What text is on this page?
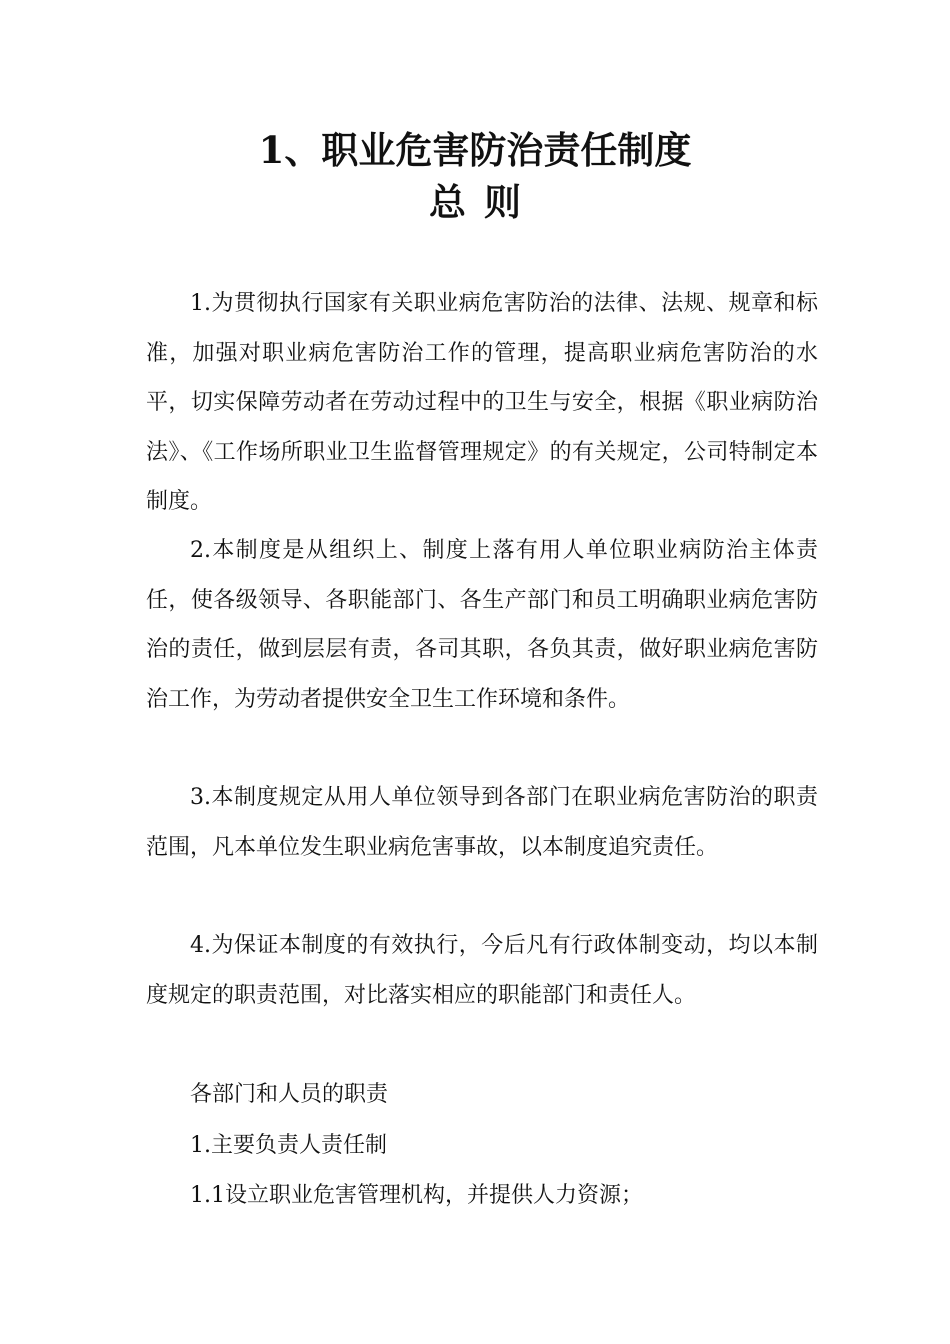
1、职业危害防治责任制度
总则

1.为贯彻执行国家有关职业病危害防治的法律、法规、规章和标准，加强对职业病危害防治工作的管理，提高职业病危害防治的水平，切实保障劳动者在劳动过程中的卫生与安全，根据《职业病防治法》、《工作场所职业卫生监督管理规定》的有关规定，公司特制定本制度。

2.本制度是从组织上、制度上落有用人单位职业病防治主体责任，使各级领导、各职能部门、各生产部门和员工明确职业病危害防治的责任，做到层层有责，各司其职，各负其责，做好职业病危害防治工作，为劳动者提供安全卫生工作环境和条件。

3.本制度规定从用人单位领导到各部门在职业病危害防治的职责范围，凡本单位发生职业病危害事故，以本制度追究责任。

4.为保证本制度的有效执行，今后凡有行政体制变动，均以本制度规定的职责范围，对比落实相应的职能部门和责任人。

各部门和人员的职责
1.主要负责人责任制
1.1设立职业危害管理机构，并提供人力资源；
